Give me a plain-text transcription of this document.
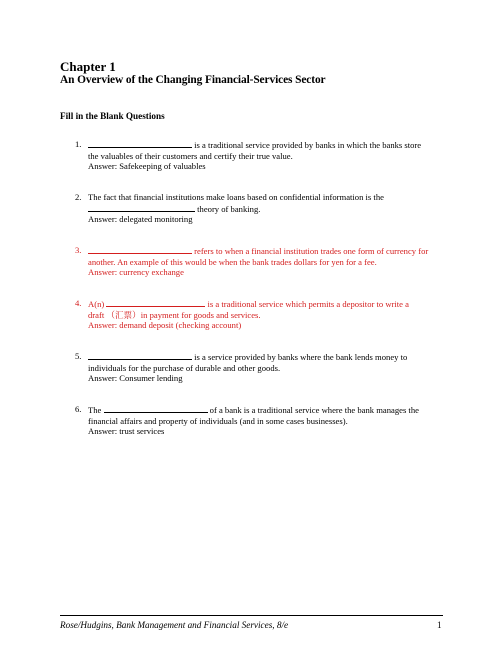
Chapter 1
An Overview of the Changing Financial-Services Sector
Fill in the Blank Questions
1.	is a traditional service provided by banks in which the banks store
the valuables of their customers and certify their true value.
Answer: Safekeeping of valuables
2. The fact that financial institutions make loans based on confidential information is the
theory of banking.
Answer: delegated monitoring
3.	refers to when a financial institution trades one form of currency for
another. An example of this would be when the bank trades dollars for yen for a fee.
Answer: currency exchange
4. A(n)	is a traditional service which permits a depositor to write a
draft （汇票）in payment for goods and services.
Answer: demand deposit (checking account)
5.	is a service provided by banks where the bank lends money to
individuals for the purchase of durable and other goods.
Answer: Consumer lending
6. The	of a bank is a traditional service where the bank manages the
financial affairs and property of individuals (and in some cases businesses).
Answer: trust services
Rose/Hudgins, Bank Management and Financial Services, 8/e	1
